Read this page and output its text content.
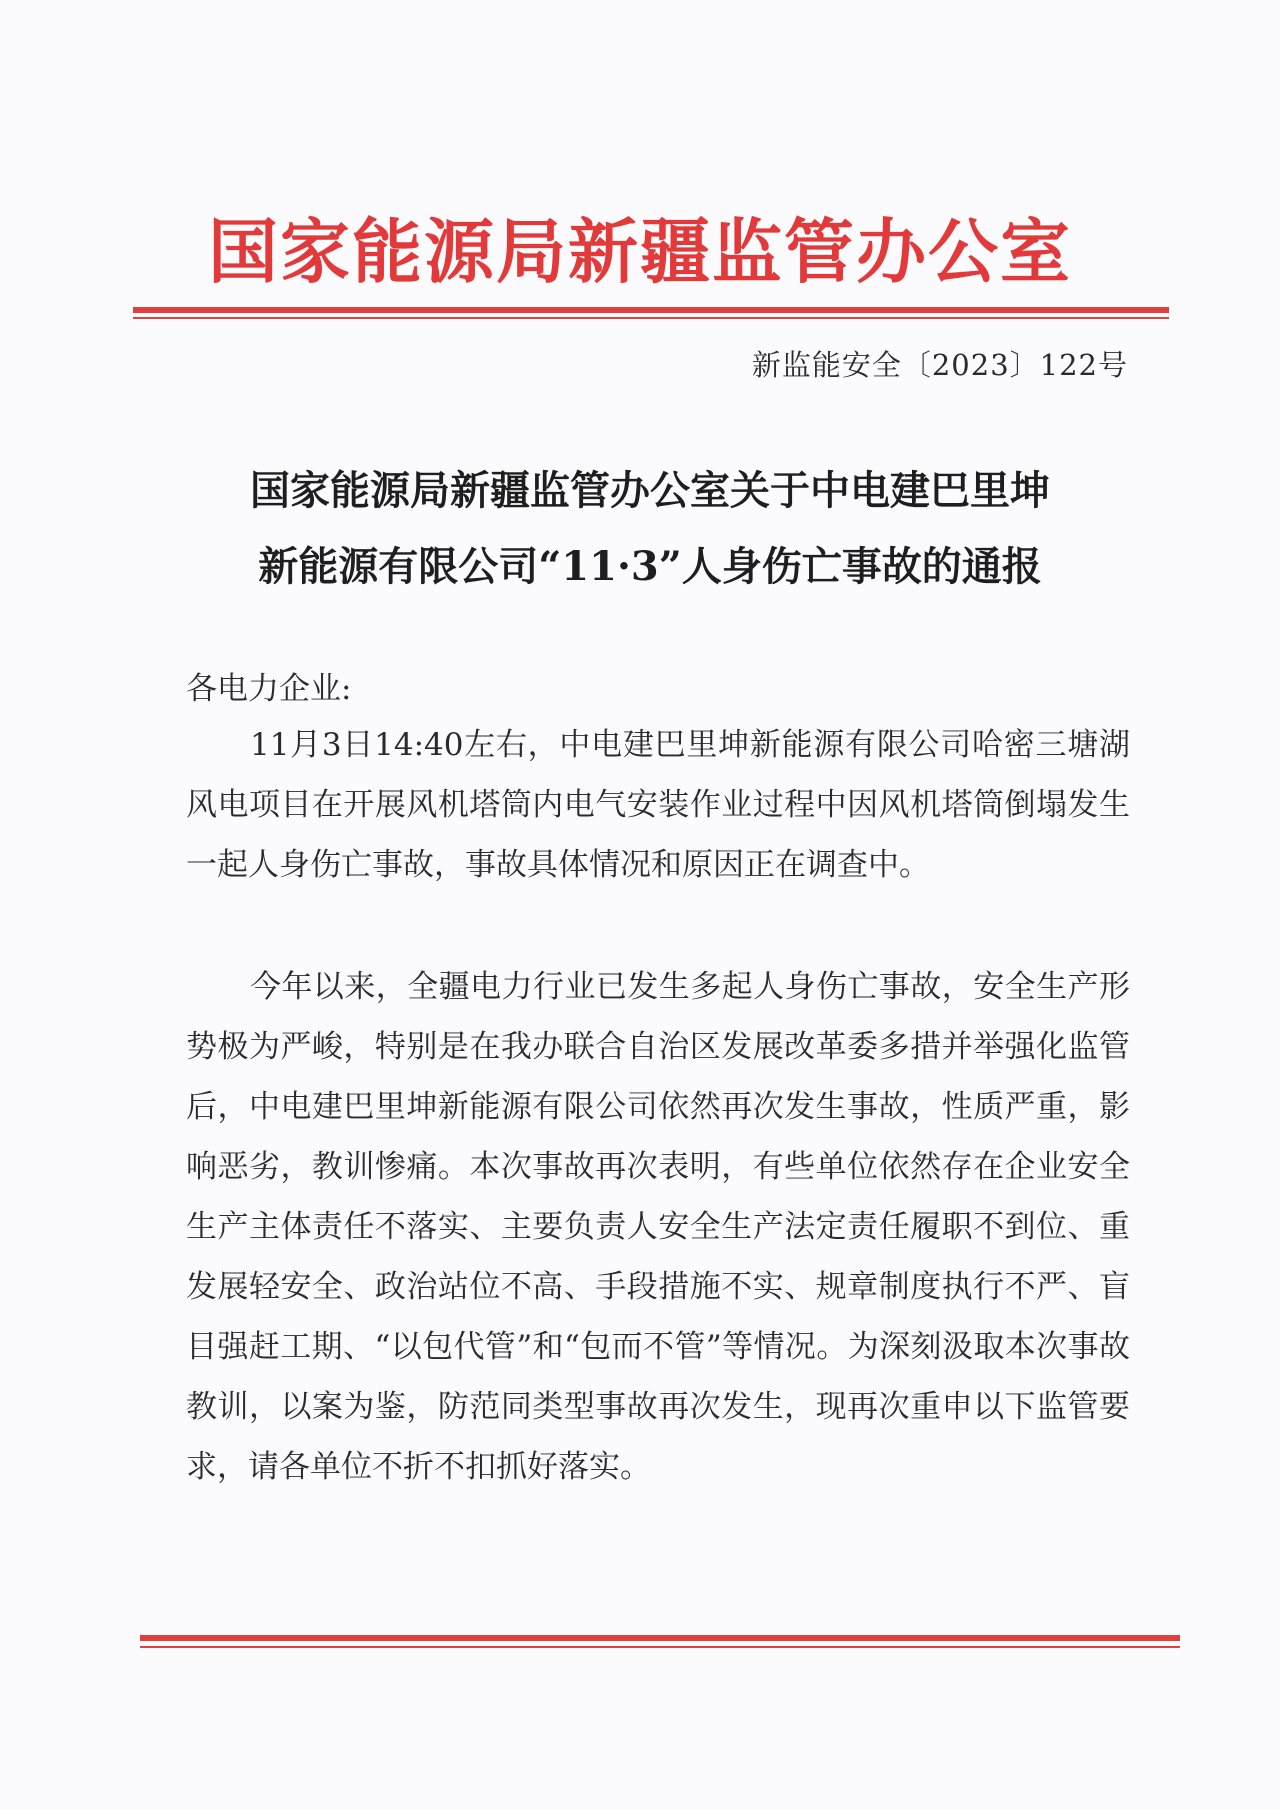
国家能源局新疆监管办公室
新监能安全〔2023〕122号
国家能源局新疆监管办公室关于中电建巴里坤
新能源有限公司“11·3”人身伤亡事故的通报
各电力企业:

11月3日14:40左右，中电建巴里坤新能源有限公司哈密三塘湖风电项目在开展风机塔筒内电气安装作业过程中因风机塔筒倒塌发生一起人身伤亡事故，事故具体情况和原因正在调查中。

今年以来，全疆电力行业已发生多起人身伤亡事故，安全生产形势极为严峻，特别是在我办联合自治区发展改革委多措并举强化监管后，中电建巴里坤新能源有限公司依然再次发生事故，性质严重，影响恶劣，教训惨痛。本次事故再次表明，有些单位依然存在企业安全生产主体责任不落实、主要负责人安全生产法定责任履职不到位、重发展轻安全、政治站位不高、手段措施不实、规章制度执行不严、盲目强赶工期、“以包代管”和“包而不管”等情况。为深刻汲取本次事故教训，以案为鉴，防范同类型事故再次发生，现再次重申以下监管要求，请各单位不折不扣抓好落实。
